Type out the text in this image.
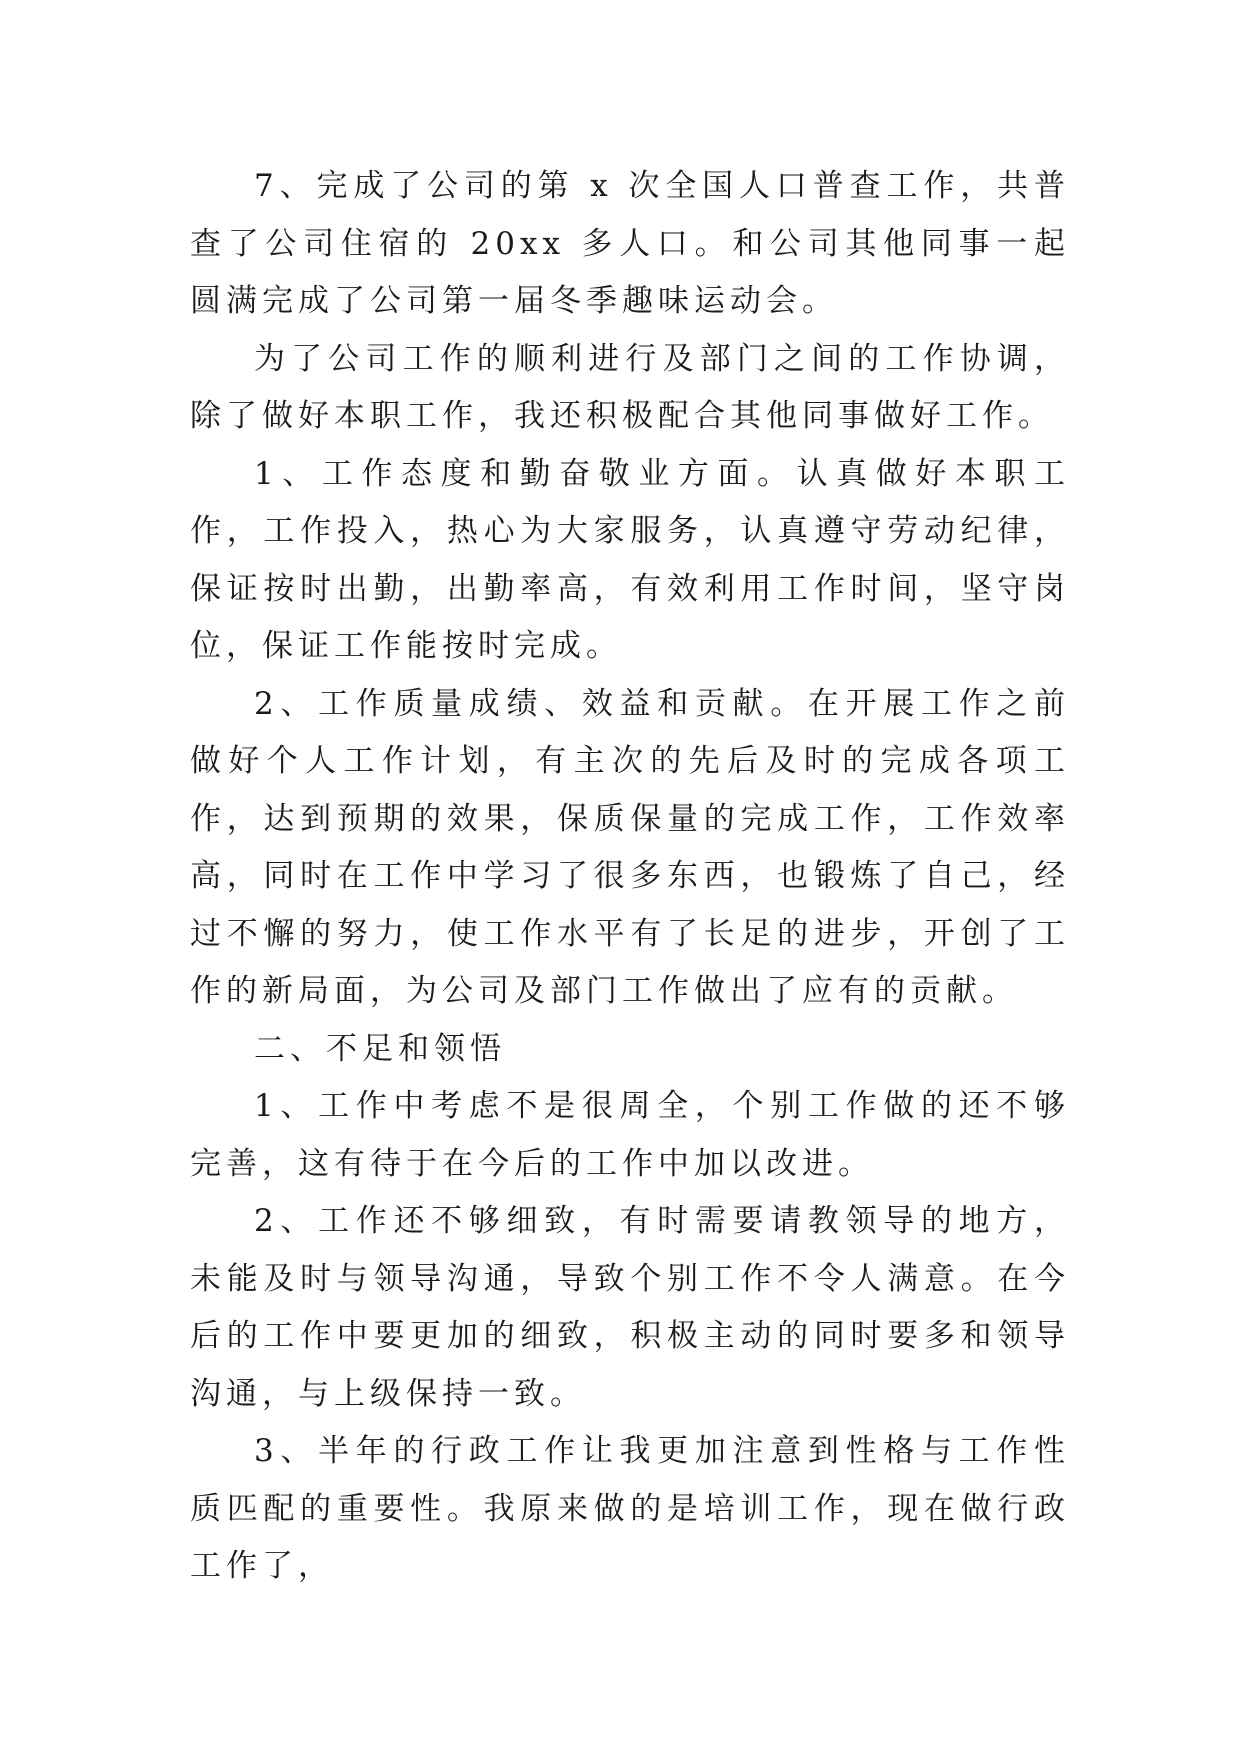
7、完成了公司的第 x 次全国人口普查工作，共普查了公司住宿的 20xx 多人口。和公司其他同事一起圆满完成了公司第一届冬季趣味运动会。

为了公司工作的顺利进行及部门之间的工作协调，除了做好本职工作，我还积极配合其他同事做好工作。

1、工作态度和勤奋敬业方面。认真做好本职工作，工作投入，热心为大家服务，认真遵守劳动纪律，保证按时出勤，出勤率高，有效利用工作时间，坚守岗位，保证工作能按时完成。

2、工作质量成绩、效益和贡献。在开展工作之前做好个人工作计划，有主次的先后及时的完成各项工作，达到预期的效果，保质保量的完成工作，工作效率高，同时在工作中学习了很多东西，也锻炼了自己，经过不懈的努力，使工作水平有了长足的进步，开创了工作的新局面，为公司及部门工作做出了应有的贡献。

二、不足和领悟

1、工作中考虑不是很周全，个别工作做的还不够完善，这有待于在今后的工作中加以改进。

2、工作还不够细致，有时需要请教领导的地方，未能及时与领导沟通，导致个别工作不令人满意。在今后的工作中要更加的细致，积极主动的同时要多和领导沟通，与上级保持一致。

3、半年的行政工作让我更加注意到性格与工作性质匹配的重要性。我原来做的是培训工作，现在做行政工作了，
